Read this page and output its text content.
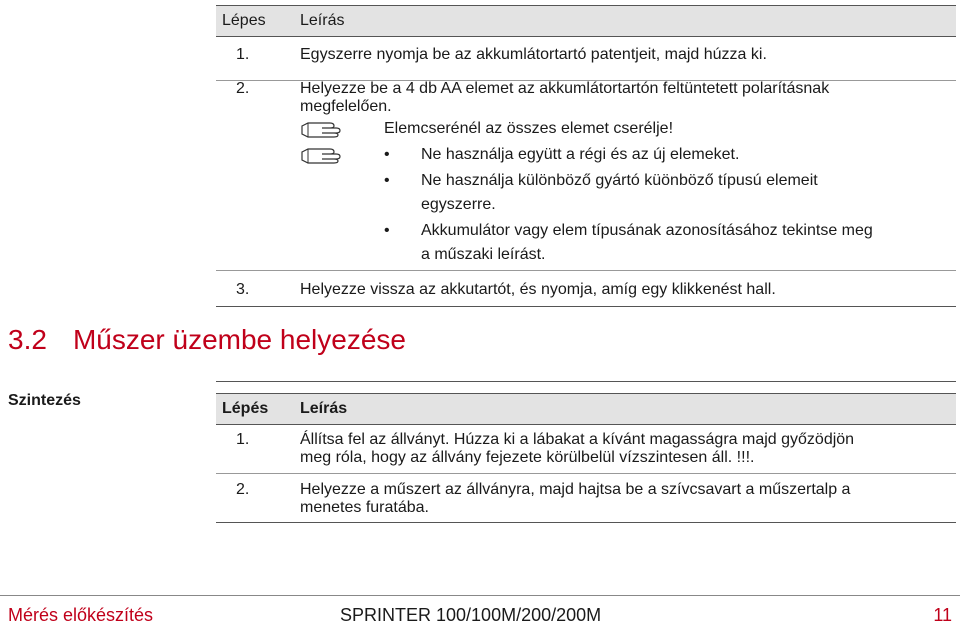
Lépes	Leírás
1.	Egyszerre nyomja be az akkumlátortartó patentjeit, majd húzza ki.
2.	Helyezze be a 4 db AA elemet az akkumlátortartón feltüntetett polarításnak
megfelelően.
Elemcserénél az összes elemet cserélje!
• Ne használja együtt a régi és az új elemeket.
• Ne használja különböző gyártó küönböző típusú elemeit
egyszerre.
• Akkumulátor vagy elem típusának azonosításához tekintse meg
a műszaki leírást.
3.	Helyezze vissza az akkutartót, és nyomja, amíg egy klikkenést hall.
3.2 Műszer üzembe helyezése
Szintezés	Lépés	Leírás
1.	Állítsa fel az állványt. Húzza ki a lábakat a kívánt magasságra majd győzödjön
meg róla, hogy az állvány fejezete körülbelül vízszintesen áll. !!!.
2.	Helyezze a műszert az állványra, majd hajtsa be a szívcsavart a műszertalp a
menetes furatába.
Mérés előkészítés	SPRINTER 100/100M/200/200M	11
